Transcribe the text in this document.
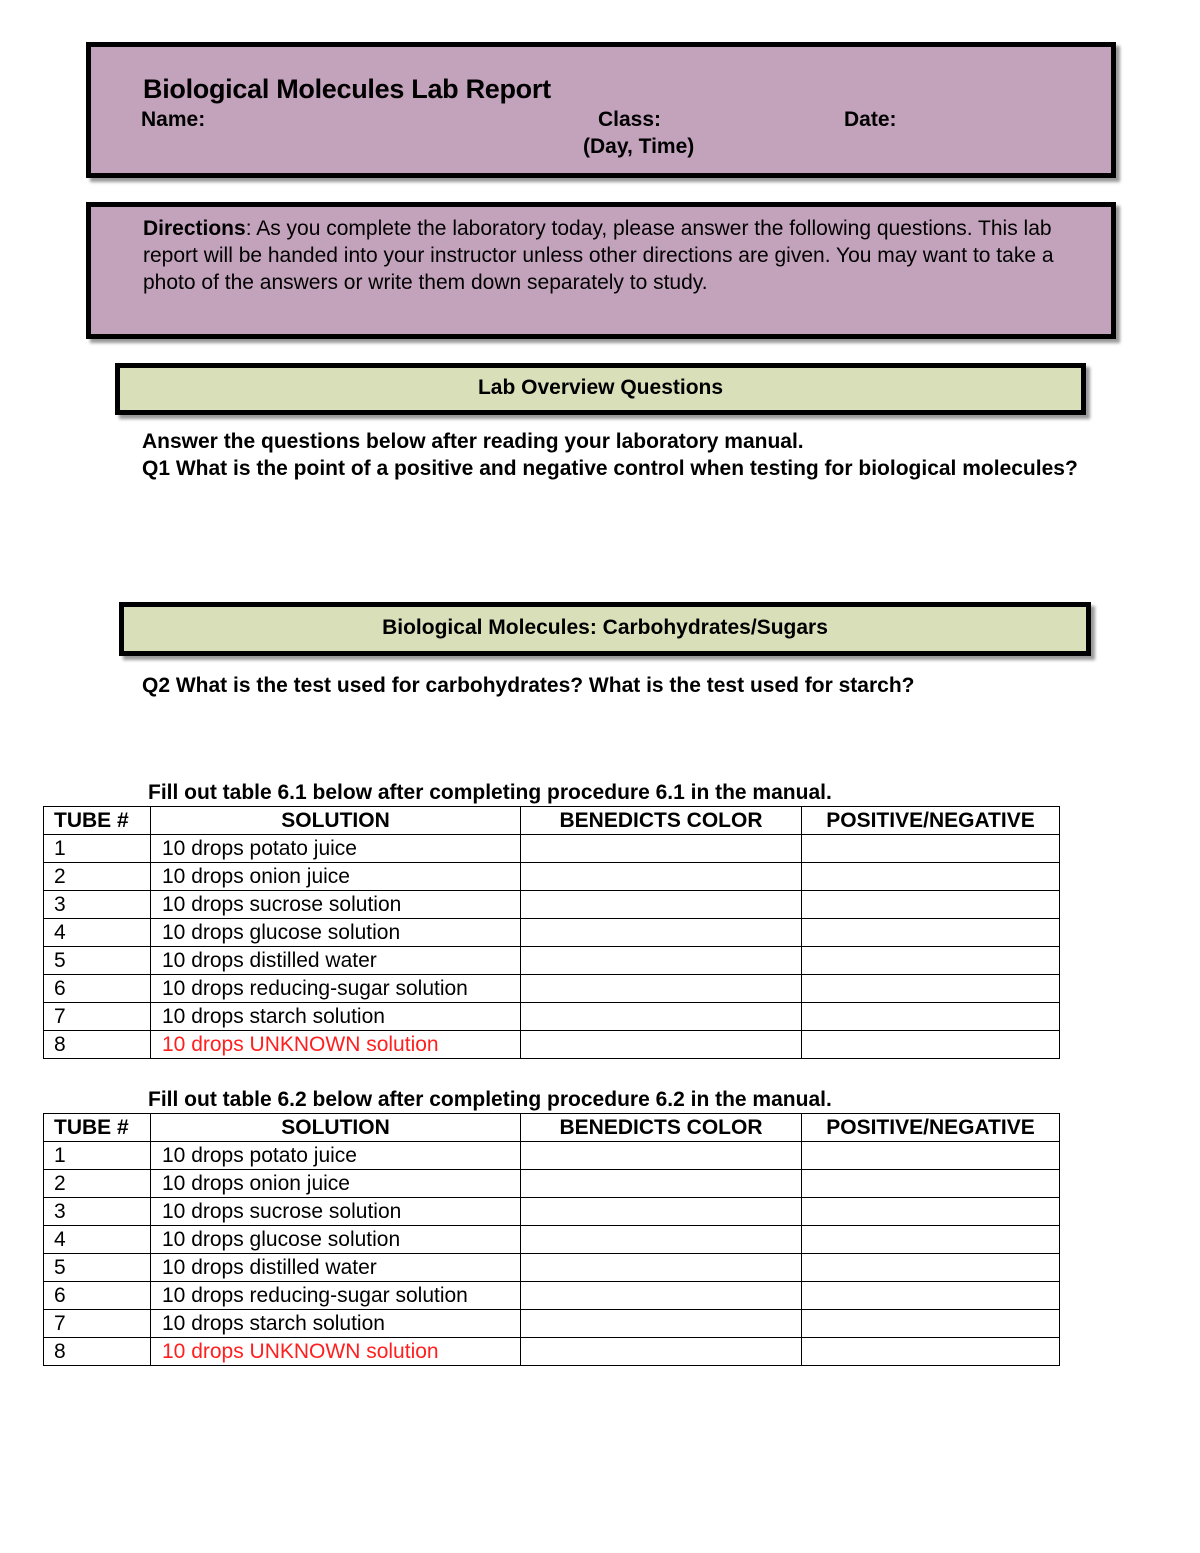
Biological Molecules Lab Report
Name:	Class:
(Day, Time)
Date:
Directions: As you complete the laboratory today, please answer the following questions. This lab report will be handed into your instructor unless other directions are given. You may want to take a photo of the answers or write them down separately to study.
Lab Overview Questions
Answer the questions below after reading your laboratory manual.
Q1 What is the point of a positive and negative control when testing for biological molecules?
Biological Molecules: Carbohydrates/Sugars
Q2 What is the test used for carbohydrates? What is the test used for starch?
Fill out table 6.1 below after completing procedure 6.1 in the manual.
TUBE #	SOLUTION	BENEDICTS COLOR	POSITIVE/NEGATIVE
1	10 drops potato juice		
2	10 drops onion juice		
3	10 drops sucrose solution		
4	10 drops glucose solution		
5	10 drops distilled water		
6	10 drops reducing-sugar solution		
7	10 drops starch solution		
8	10 drops UNKNOWN solution		
Fill out table 6.2 below after completing procedure 6.2 in the manual.
TUBE #	SOLUTION	BENEDICTS COLOR	POSITIVE/NEGATIVE
1	10 drops potato juice		
2	10 drops onion juice		
3	10 drops sucrose solution		
4	10 drops glucose solution		
5	10 drops distilled water		
6	10 drops reducing-sugar solution		
7	10 drops starch solution		
8	10 drops UNKNOWN solution		
